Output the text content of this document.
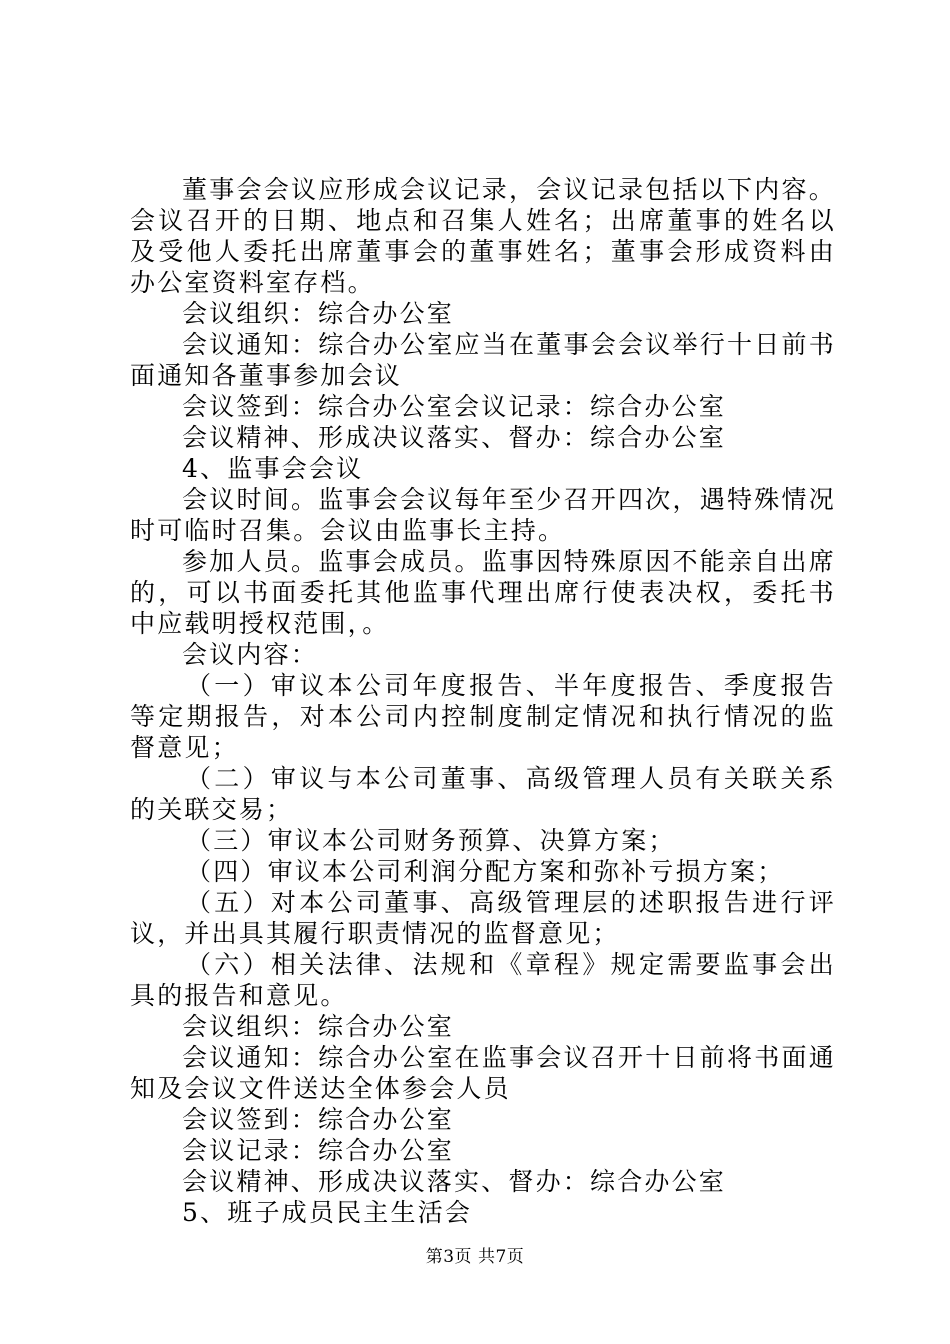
董事会会议应形成会议记录，会议记录包括以下内容。会议召开的日期、地点和召集人姓名；出席董事的姓名以及受他人委托出席董事会的董事姓名；董事会形成资料由办公室资料室存档。

会议组织：综合办公室

会议通知：综合办公室应当在董事会会议举行十日前书面通知各董事参加会议

会议签到：综合办公室会议记录：综合办公室

会议精神、形成决议落实、督办：综合办公室

4、监事会会议

会议时间。监事会会议每年至少召开四次，遇特殊情况时可临时召集。会议由监事长主持。

参加人员。监事会成员。监事因特殊原因不能亲自出席的，可以书面委托其他监事代理出席行使表决权，委托书中应载明授权范围，。

会议内容：

（一）审议本公司年度报告、半年度报告、季度报告等定期报告，对本公司内控制度制定情况和执行情况的监督意见；

（二）审议与本公司董事、高级管理人员有关联关系的关联交易；

（三）审议本公司财务预算、决算方案；

（四）审议本公司利润分配方案和弥补亏损方案；

（五）对本公司董事、高级管理层的述职报告进行评议，并出具其履行职责情况的监督意见；

（六）相关法律、法规和《章程》规定需要监事会出具的报告和意见。

会议组织：综合办公室

会议通知：综合办公室在监事会议召开十日前将书面通知及会议文件送达全体参会人员

会议签到：综合办公室

会议记录：综合办公室

会议精神、形成决议落实、督办：综合办公室

5、班子成员民主生活会

第3页 共7页
